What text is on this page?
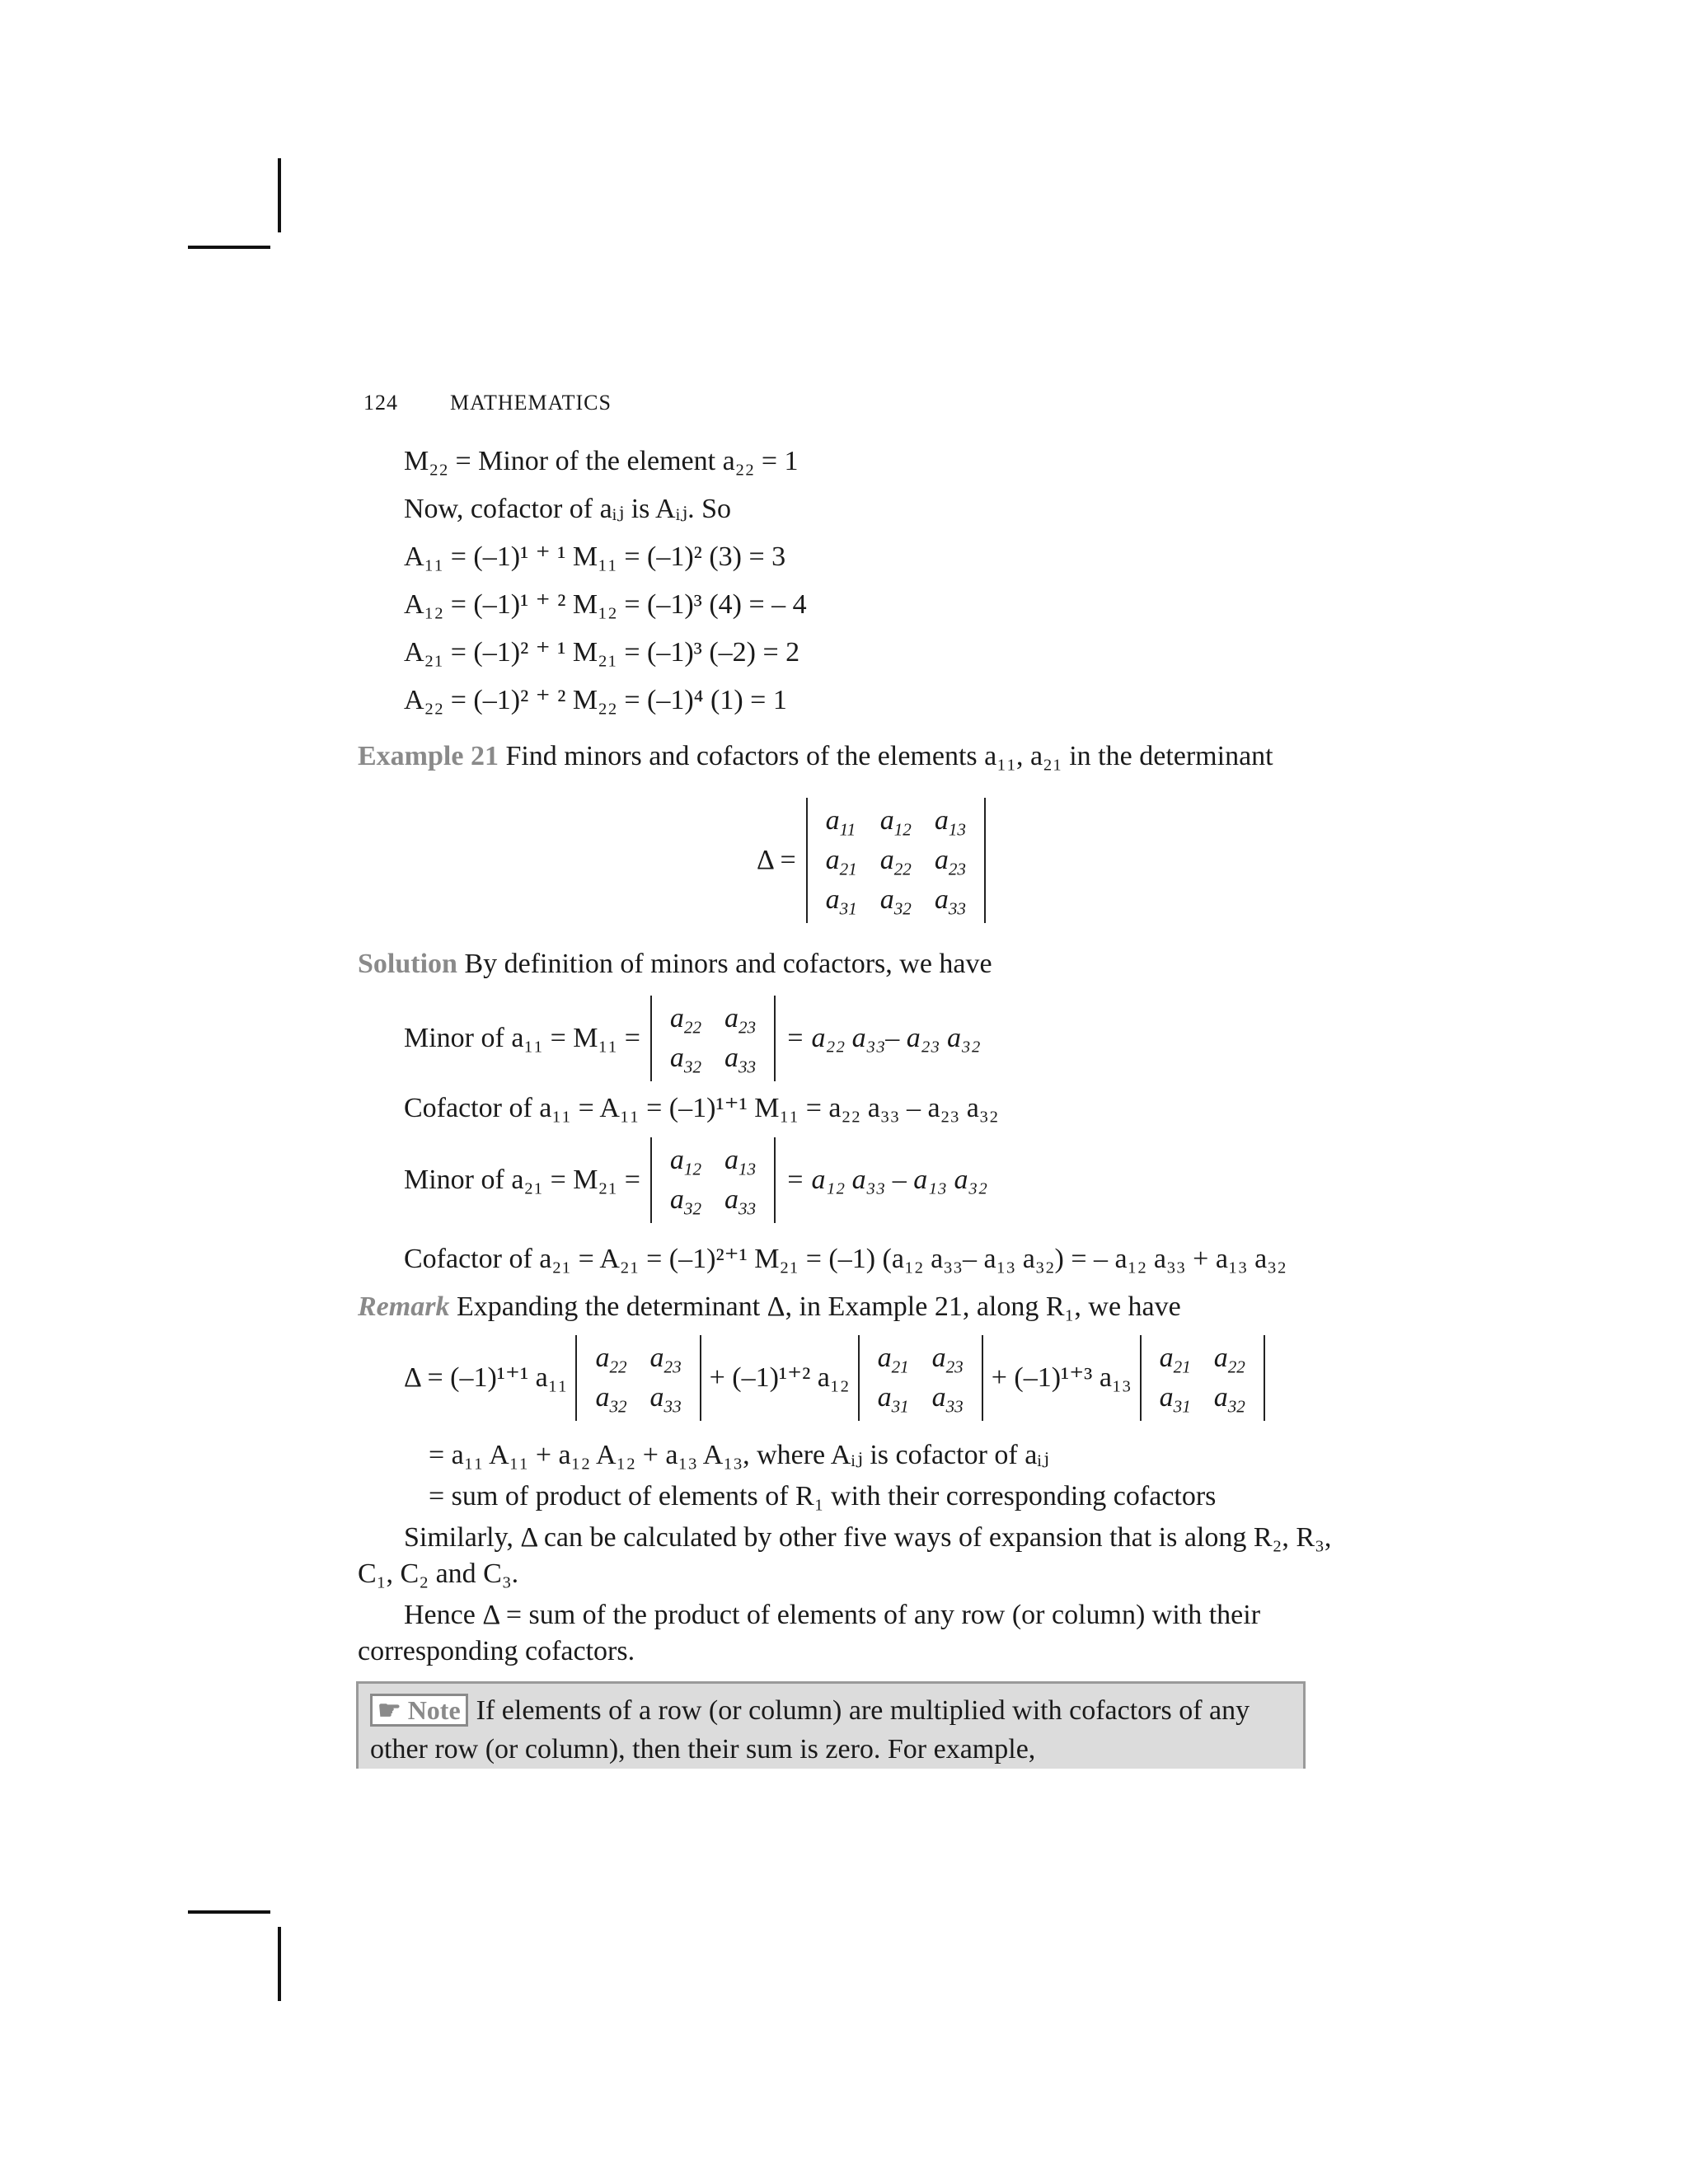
124 MATHEMATICS
M₂₂ = Minor of the element a₂₂ = 1
Now, cofactor of aᵢⱼ is Aᵢⱼ. So
A₁₁ = (–1)¹ ⁺ ¹ M₁₁ = (–1)² (3) = 3
A₁₂ = (–1)¹ ⁺ ² M₁₂ = (–1)³ (4) = – 4
A₂₁ = (–1)² ⁺ ¹ M₂₁ = (–1)³ (–2) = 2
A₂₂ = (–1)² ⁺ ² M₂₂ = (–1)⁴ (1) = 1
Example 21 Find minors and cofactors of the elements a₁₁, a₂₁ in the determinant
Δ =
$a_{11}$	$a_{12}$	$a_{13}$
$a_{21}$	$a_{22}$	$a_{23}$
$a_{31}$	$a_{32}$	$a_{33}$
Solution By definition of minors and cofactors, we have
Minor of a₁₁ = M₁₁ =
$a_{22}$	$a_{23}$
$a_{32}$	$a_{33}$
= a₂₂ a₃₃– a₂₃ a₃₂
Cofactor of a₁₁ = A₁₁ = (–1)¹⁺¹ M₁₁ = a₂₂ a₃₃ – a₂₃ a₃₂
Minor of a₂₁ = M₂₁ =
$a_{12}$	$a_{13}$
$a_{32}$	$a_{33}$
= a₁₂ a₃₃ – a₁₃ a₃₂
Cofactor of a₂₁ = A₂₁ = (–1)²⁺¹ M₂₁ = (–1) (a₁₂ a₃₃– a₁₃ a₃₂) = – a₁₂ a₃₃ + a₁₃ a₃₂
Remark Expanding the determinant Δ, in Example 21, along R₁, we have
Δ = (–1)¹⁺¹ a₁₁
$a_{22}$	$a_{23}$
$a_{32}$	$a_{33}$
+ (–1)¹⁺² a₁₂
$a_{21}$	$a_{23}$
$a_{31}$	$a_{33}$
+ (–1)¹⁺³ a₁₃
$a_{21}$	$a_{22}$
$a_{31}$	$a_{32}$
= a₁₁ A₁₁ + a₁₂ A₁₂ + a₁₃ A₁₃, where Aᵢⱼ is cofactor of aᵢⱼ
= sum of product of elements of R₁ with their corresponding cofactors
Similarly, Δ can be calculated by other five ways of expansion that is along R₂, R₃,
C₁, C₂ and C₃.
Hence Δ = sum of the product of elements of any row (or column) with their
corresponding cofactors.
☛ Note If elements of a row (or column) are multiplied with cofactors of any
other row (or column), then their sum is zero. For example,
